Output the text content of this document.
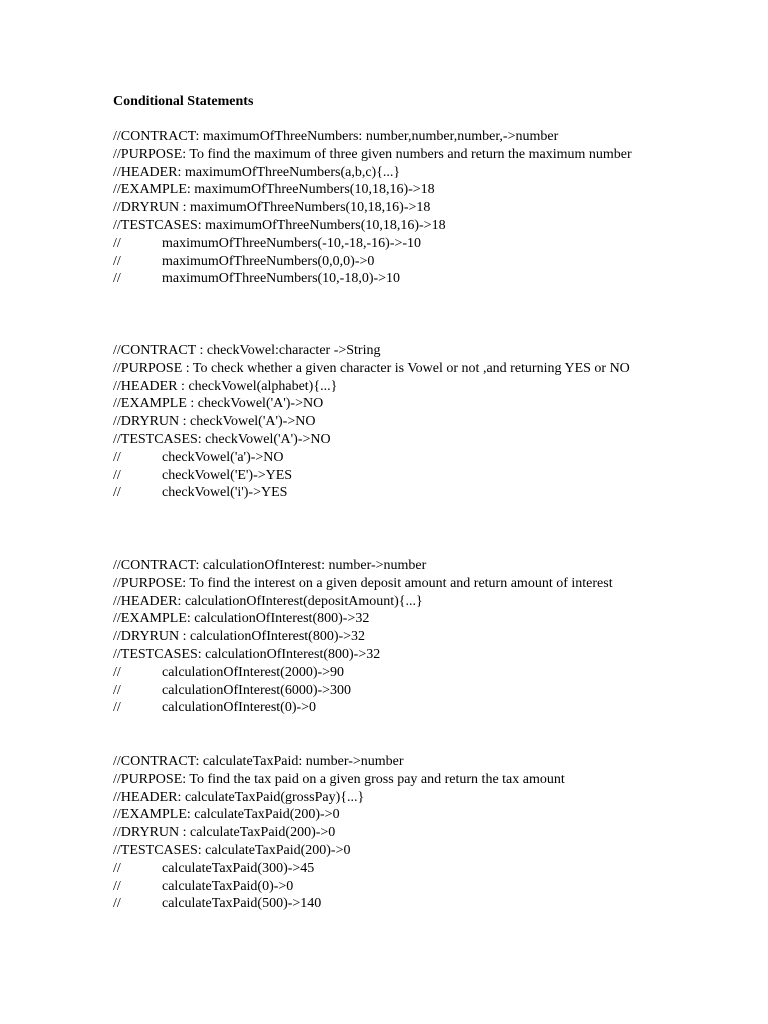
Conditional Statements

//CONTRACT: maximumOfThreeNumbers: number,number,number,->number

//PURPOSE: To find the maximum of three given numbers and return the maximum number

//HEADER: maximumOfThreeNumbers(a,b,c){...}

//EXAMPLE: maximumOfThreeNumbers(10,18,16)->18

//DRYRUN : maximumOfThreeNumbers(10,18,16)->18

//TESTCASES: maximumOfThreeNumbers(10,18,16)->18

//	maximumOfThreeNumbers(-10,-18,-16)->-10
//	maximumOfThreeNumbers(0,0,0)->0
//	maximumOfThreeNumbers(10,-18,0)->10

//CONTRACT : checkVowel:character ->String

//PURPOSE : To check whether a given character is Vowel or not ,and returning YES or NO

//HEADER : checkVowel(alphabet){...}

//EXAMPLE : checkVowel('A')->NO

//DRYRUN : checkVowel('A')->NO

//TESTCASES: checkVowel('A')->NO

//	checkVowel('a')->NO
//	checkVowel('E')->YES
//	checkVowel('i')->YES

//CONTRACT: calculationOfInterest: number->number

//PURPOSE: To find the interest on a given deposit amount and return amount of interest

//HEADER: calculationOfInterest(depositAmount){...}

//EXAMPLE: calculationOfInterest(800)->32

//DRYRUN : calculationOfInterest(800)->32

//TESTCASES: calculationOfInterest(800)->32

//	calculationOfInterest(2000)->90
//	calculationOfInterest(6000)->300
//	calculationOfInterest(0)->0

//CONTRACT: calculateTaxPaid: number->number

//PURPOSE: To find the tax paid on a given gross pay and return the tax amount

//HEADER: calculateTaxPaid(grossPay){...}

//EXAMPLE: calculateTaxPaid(200)->0

//DRYRUN : calculateTaxPaid(200)->0

//TESTCASES: calculateTaxPaid(200)->0

//	calculateTaxPaid(300)->45
//	calculateTaxPaid(0)->0
//	calculateTaxPaid(500)->140
